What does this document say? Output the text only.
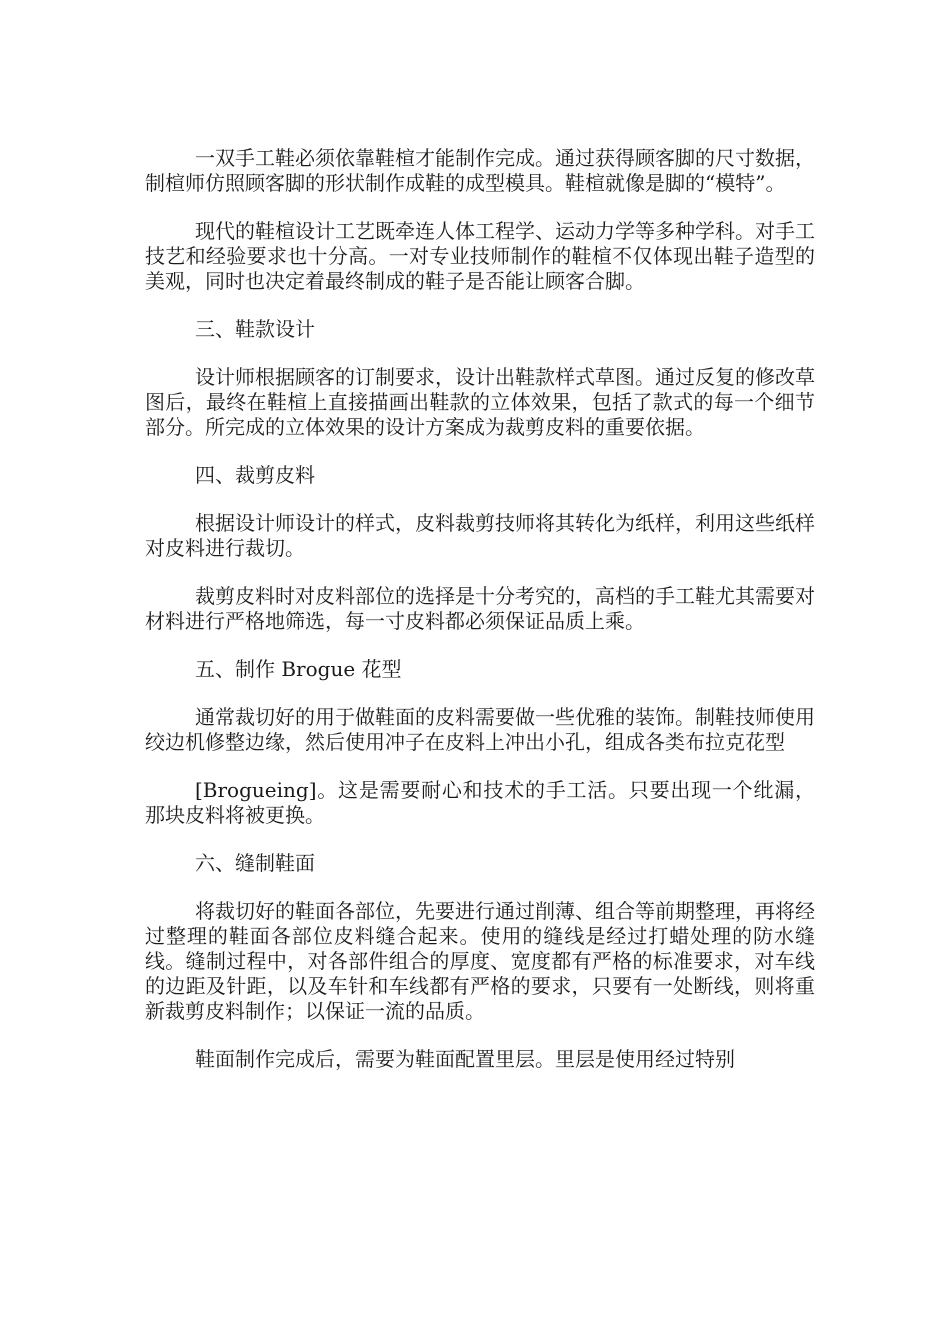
一双手工鞋必须依靠鞋楦才能制作完成。通过获得顾客脚的尺寸数据，制楦师仿照顾客脚的形状制作成鞋的成型模具。鞋楦就像是脚的“模特”。

现代的鞋楦设计工艺既牵连人体工程学、运动力学等多种学科。对手工技艺和经验要求也十分高。一对专业技师制作的鞋楦不仅体现出鞋子造型的美观，同时也决定着最终制成的鞋子是否能让顾客合脚。

三、鞋款设计

设计师根据顾客的订制要求，设计出鞋款样式草图。通过反复的修改草图后，最终在鞋楦上直接描画出鞋款的立体效果，包括了款式的每一个细节部分。所完成的立体效果的设计方案成为裁剪皮料的重要依据。

四、裁剪皮料

根据设计师设计的样式，皮料裁剪技师将其转化为纸样，利用这些纸样对皮料进行裁切。

裁剪皮料时对皮料部位的选择是十分考究的，高档的手工鞋尤其需要对材料进行严格地筛选，每一寸皮料都必须保证品质上乘。

五、制作 Brogue 花型

通常裁切好的用于做鞋面的皮料需要做一些优雅的装饰。制鞋技师使用绞边机修整边缘，然后使用冲子在皮料上冲出小孔，组成各类布拉克花型

[Brogueing]。这是需要耐心和技术的手工活。只要出现一个纰漏，那块皮料将被更换。

六、缝制鞋面

将裁切好的鞋面各部位，先要进行通过削薄、组合等前期整理，再将经过整理的鞋面各部位皮料缝合起来。使用的缝线是经过打蜡处理的防水缝线。缝制过程中，对各部件组合的厚度、宽度都有严格的标准要求，对车线的边距及针距，以及车针和车线都有严格的要求，只要有一处断线，则将重新裁剪皮料制作；以保证一流的品质。

鞋面制作完成后，需要为鞋面配置里层。里层是使用经过特别
